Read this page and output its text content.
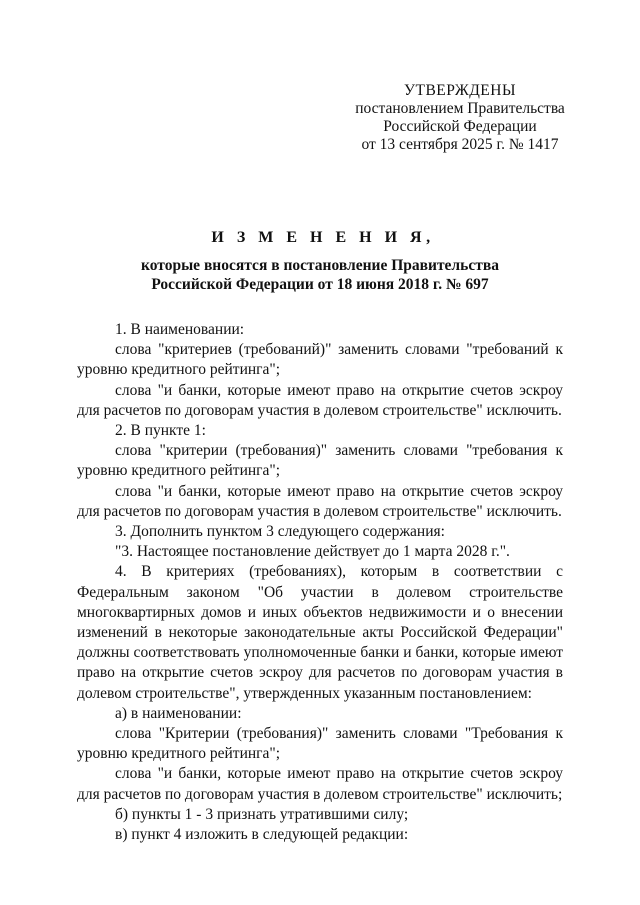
УТВЕРЖДЕНЫ
постановлением Правительства
Российской Федерации
от 13 сентября 2025 г. № 1417
И З М Е Н Е Н И Я,
которые вносятся в постановление Правительства
Российской Федерации от 18 июня 2018 г. № 697

1. В наименовании:

слова "критериев (требований)" заменить словами "требований к уровню кредитного рейтинга";

слова "и банки, которые имеют право на открытие счетов эскроу для расчетов по договорам участия в долевом строительстве" исключить.

2. В пункте 1:

слова "критерии (требования)" заменить словами "требования к уровню кредитного рейтинга";

слова "и банки, которые имеют право на открытие счетов эскроу для расчетов по договорам участия в долевом строительстве" исключить.

3. Дополнить пунктом 3 следующего содержания:

"3. Настоящее постановление действует до 1 марта 2028 г.".

4. В критериях (требованиях), которым в соответствии с Федеральным законом "Об участии в долевом строительстве многоквартирных домов и иных объектов недвижимости и о внесении изменений в некоторые законодательные акты Российской Федерации" должны соответствовать уполномоченные банки и банки, которые имеют право на открытие счетов эскроу для расчетов по договорам участия в долевом строительстве", утвержденных указанным постановлением:

а) в наименовании:

слова "Критерии (требования)" заменить словами "Требования к уровню кредитного рейтинга";

слова "и банки, которые имеют право на открытие счетов эскроу для расчетов по договорам участия в долевом строительстве" исключить;

б) пункты 1 - 3 признать утратившими силу;

в) пункт 4 изложить в следующей редакции:
